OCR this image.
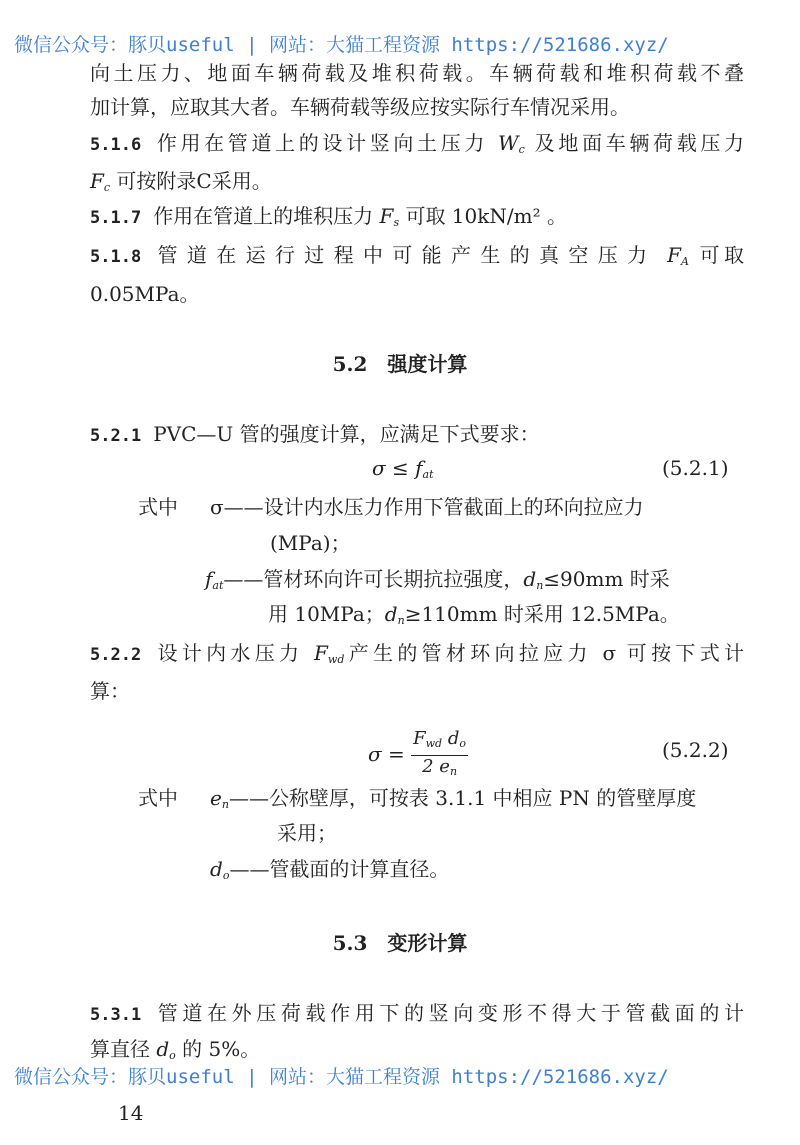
微信公众号：豚贝useful | 网站：大猫工程资源 https://521686.xyz/
向土压力、地面车辆荷载及堆积荷载。车辆荷载和堆积荷载不叠
加计算，应取其大者。车辆荷载等级应按实际行车情况采用。
5.1.6 作用在管道上的设计竖向土压力 $W_c$ 及地面车辆荷载压力
$F_c$ 可按附录C采用。
5.1.7 作用在管道上的堆积压力 $F_s$ 可取 10kN/m² 。
5.1.8 管道在运行过程中可能产生的真空压力 $F_A$ 可取
0.05MPa。
5.2　强度计算
5.2.1 PVC—U 管的强度计算，应满足下式要求：
$\sigma \le f_{at}$	(5.2.1)
式中 σ——设计内水压力作用下管截面上的环向拉应力
(MPa)；
$f_{at}——$管材环向许可长期抗拉强度，$d_n\le 90mm$ 时采
用 10MPa；$d_n\ge 110mm$ 时采用 12.5MPa。
5.2.2 设计内水压力 $F_{wd}$产生的管材环向拉应力 σ 可按下式计
算：
$\sigma = \frac{F_{wd} d_o}{2 e_n}$	(5.2.2)
式中 $e_n——$公称壁厚，可按表 3.1.1 中相应 PN 的管壁厚度
采用；
$d_o——$管截面的计算直径。
5.3　变形计算
5.3.1 管道在外压荷载作用下的竖向变形不得大于管截面的计
算直径 $d_o$ 的 5%。
微信公众号：豚贝useful | 网站：大猫工程资源 https://521686.xyz/
14
